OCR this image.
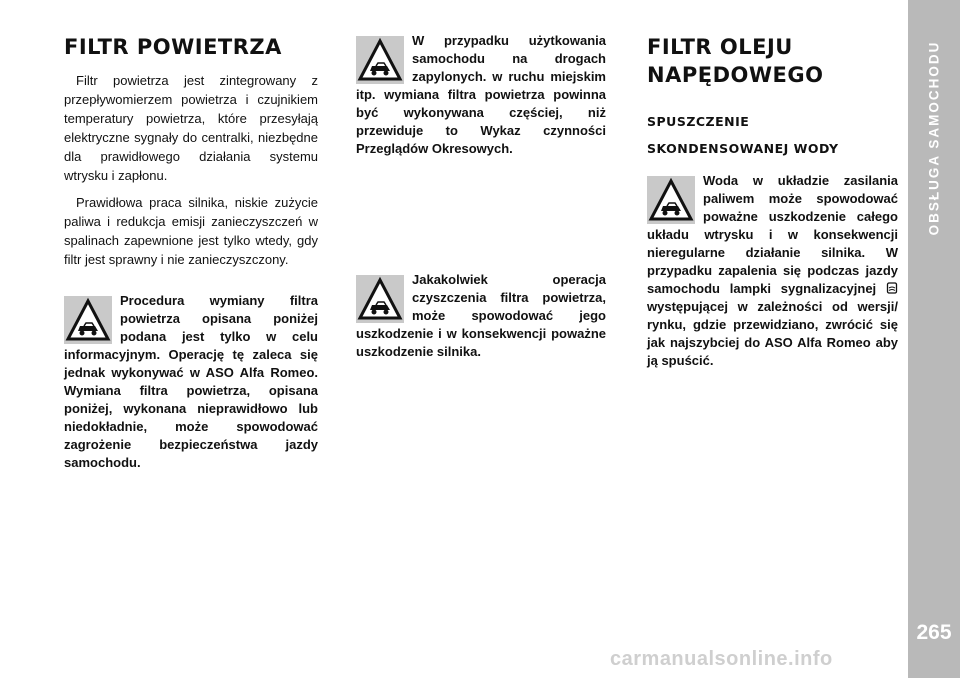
OBSŁUGA SAMOCHODU
265
FILTR POWIETRZA

Filtr powietrza jest zintegrowany z przepływomierzem powietrza i czujnikiem temperatury powietrza, które przesyłają elektryczne sygnały do centralki, niezbędne dla prawidłowego działania systemu wtrysku i zapłonu.

Prawidłowa praca silnika, niskie zużycie paliwa i redukcja emisji zanieczyszczeń w spalinach zapewnione jest tylko wtedy, gdy filtr jest sprawny i nie zanieczyszczony.

Procedura wymiany filtra powietrza opisana poniżej podana jest tylko w celu informacyjnym. Operację tę zaleca się jednak wykonywać w ASO Alfa Romeo. Wymiana filtra powietrza, opisana poniżej, wykonana nieprawidłowo lub niedokładnie, może spowodować zagrożenie bezpieczeństwa jazdy samochodu.

W przypadku użytkowania samochodu na drogach zapylonych. w ruchu miejskim itp. wymiana filtra powietrza powinna być wykonywana częściej, niż przewiduje to Wykaz czynności Przeglądów Okresowych.

Jakakolwiek operacja czyszczenia filtra powietrza, może spowodować jego uszkodzenie i w konsekwencji poważne uszkodzenie silnika.

FILTR OLEJU
NAPĘDOWEGO
SPUSZCZENIE
SKONDENSOWANEJ WODY

Woda w układzie zasilania paliwem może spowodować poważne uszkodzenie całego układu wtrysku i w konsekwencji nieregularne działanie silnika. W przypadku zapalenia się podczas jazdy samochodu lampki sygnalizacyjnej  występującej w zależności od wersji/ rynku, gdzie przewidziano, zwrócić się jak najszybciej do ASO Alfa Romeo aby ją spuścić.

carmanualsonline.info
